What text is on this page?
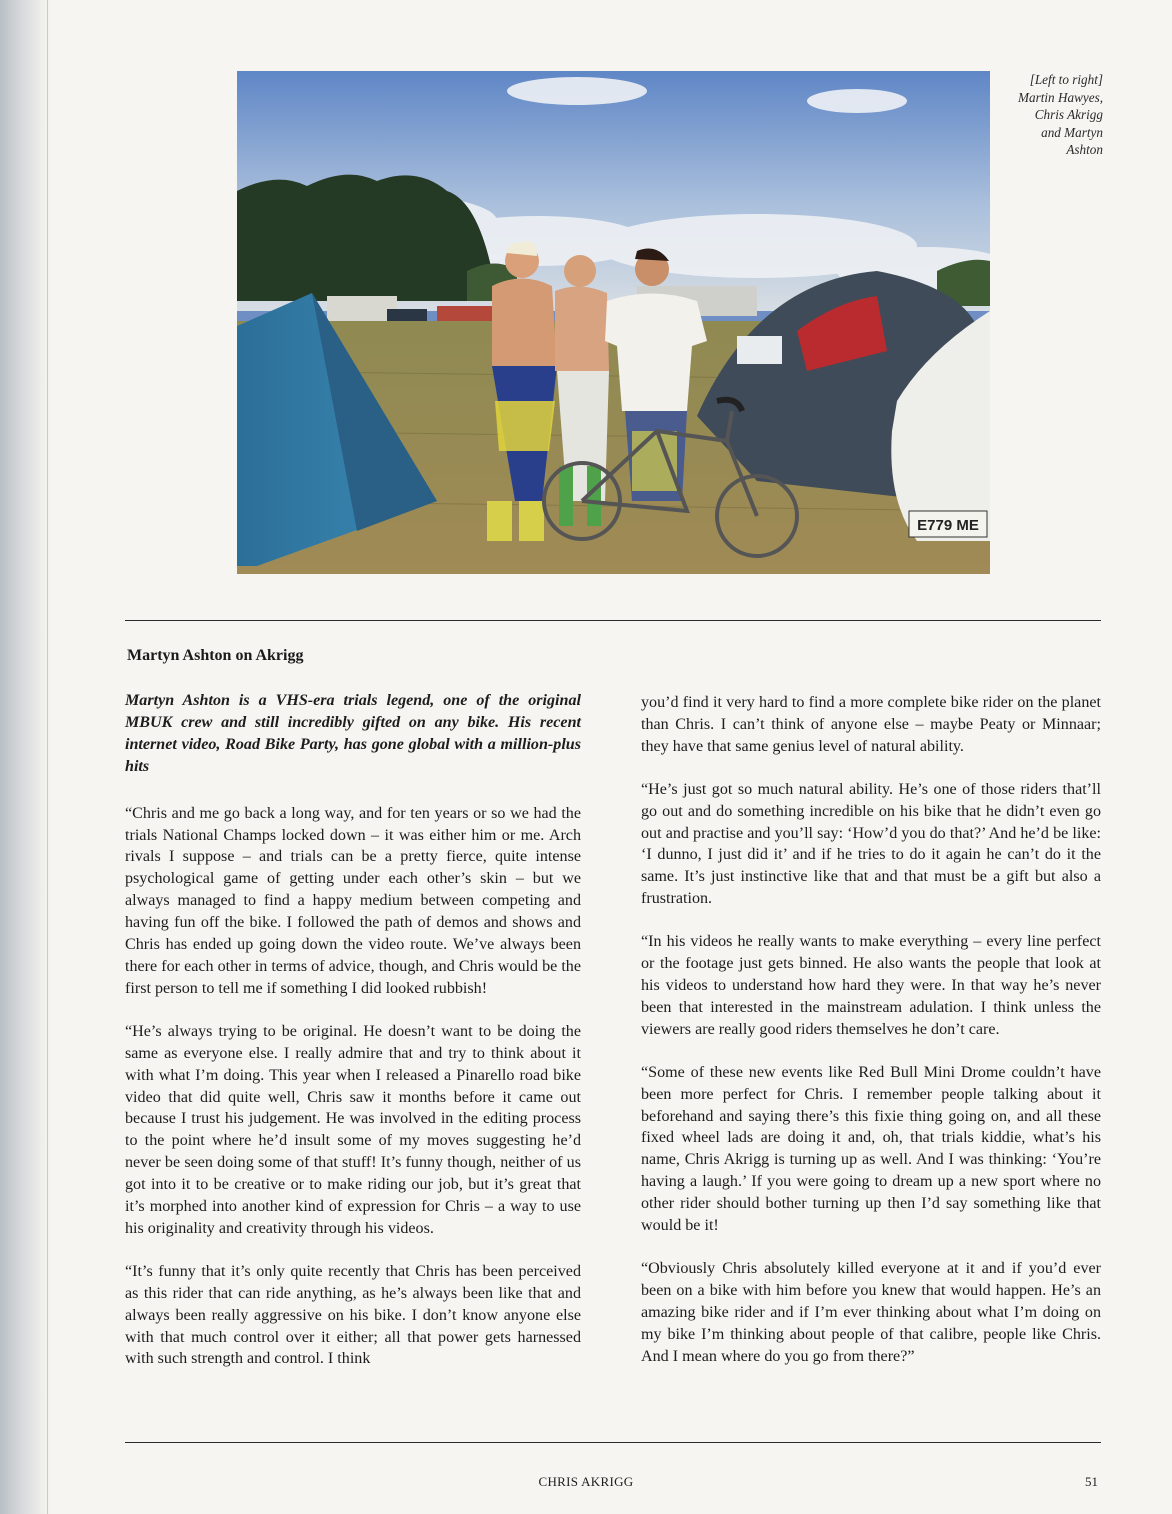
E779 ME
[Left to right]
Martin Hawyes,
Chris Akrigg
and Martyn
Ashton
Martyn Ashton on Akrigg

Martyn Ashton is a VHS-era trials legend, one of the original MBUK crew and still incredibly gifted on any bike. His recent internet video, Road Bike Party, has gone global with a million-plus hits

“Chris and me go back a long way, and for ten years or so we had the trials National Champs locked down – it was either him or me. Arch rivals I suppose – and trials can be a pretty fierce, quite intense psychological game of getting under each other’s skin – but we always managed to find a happy medium between competing and having fun off the bike. I followed the path of demos and shows and Chris has ended up going down the video route. We’ve always been there for each other in terms of advice, though, and Chris would be the first person to tell me if something I did looked rubbish!

“He’s always trying to be original. He doesn’t want to be doing the same as everyone else. I really admire that and try to think about it with what I’m doing. This year when I released a Pinarello road bike video that did quite well, Chris saw it months before it came out because I trust his judgement. He was involved in the editing process to the point where he’d insult some of my moves suggesting he’d never be seen doing some of that stuff! It’s funny though, neither of us got into it to be creative or to make riding our job, but it’s great that it’s morphed into another kind of expression for Chris – a way to use his originality and creativity through his videos.

“It’s funny that it’s only quite recently that Chris has been perceived as this rider that can ride anything, as he’s always been like that and always been really aggressive on his bike. I don’t know anyone else with that much control over it either; all that power gets harnessed with such strength and control. I think

you’d find it very hard to find a more complete bike rider on the planet than Chris. I can’t think of anyone else – maybe Peaty or Minnaar; they have that same genius level of natural ability.

“He’s just got so much natural ability. He’s one of those riders that’ll go out and do something incredible on his bike that he didn’t even go out and practise and you’ll say: ‘How’d you do that?’ And he’d be like: ‘I dunno, I just did it’ and if he tries to do it again he can’t do it the same. It’s just instinctive like that and that must be a gift but also a frustration.

“In his videos he really wants to make everything – every line perfect or the footage just gets binned. He also wants the people that look at his videos to understand how hard they were. In that way he’s never been that interested in the mainstream adulation. I think unless the viewers are really good riders themselves he don’t care.

“Some of these new events like Red Bull Mini Drome couldn’t have been more perfect for Chris. I remember people talking about it beforehand and saying there’s this fixie thing going on, and all these fixed wheel lads are doing it and, oh, that trials kiddie, what’s his name, Chris Akrigg is turning up as well. And I was thinking: ‘You’re having a laugh.’ If you were going to dream up a new sport where no other rider should bother turning up then I’d say something like that would be it!

“Obviously Chris absolutely killed everyone at it and if you’d ever been on a bike with him before you knew that would happen. He’s an amazing bike rider and if I’m ever thinking about what I’m doing on my bike I’m thinking about people of that calibre, people like Chris. And I mean where do you go from there?”

CHRIS AKRIGG	51
